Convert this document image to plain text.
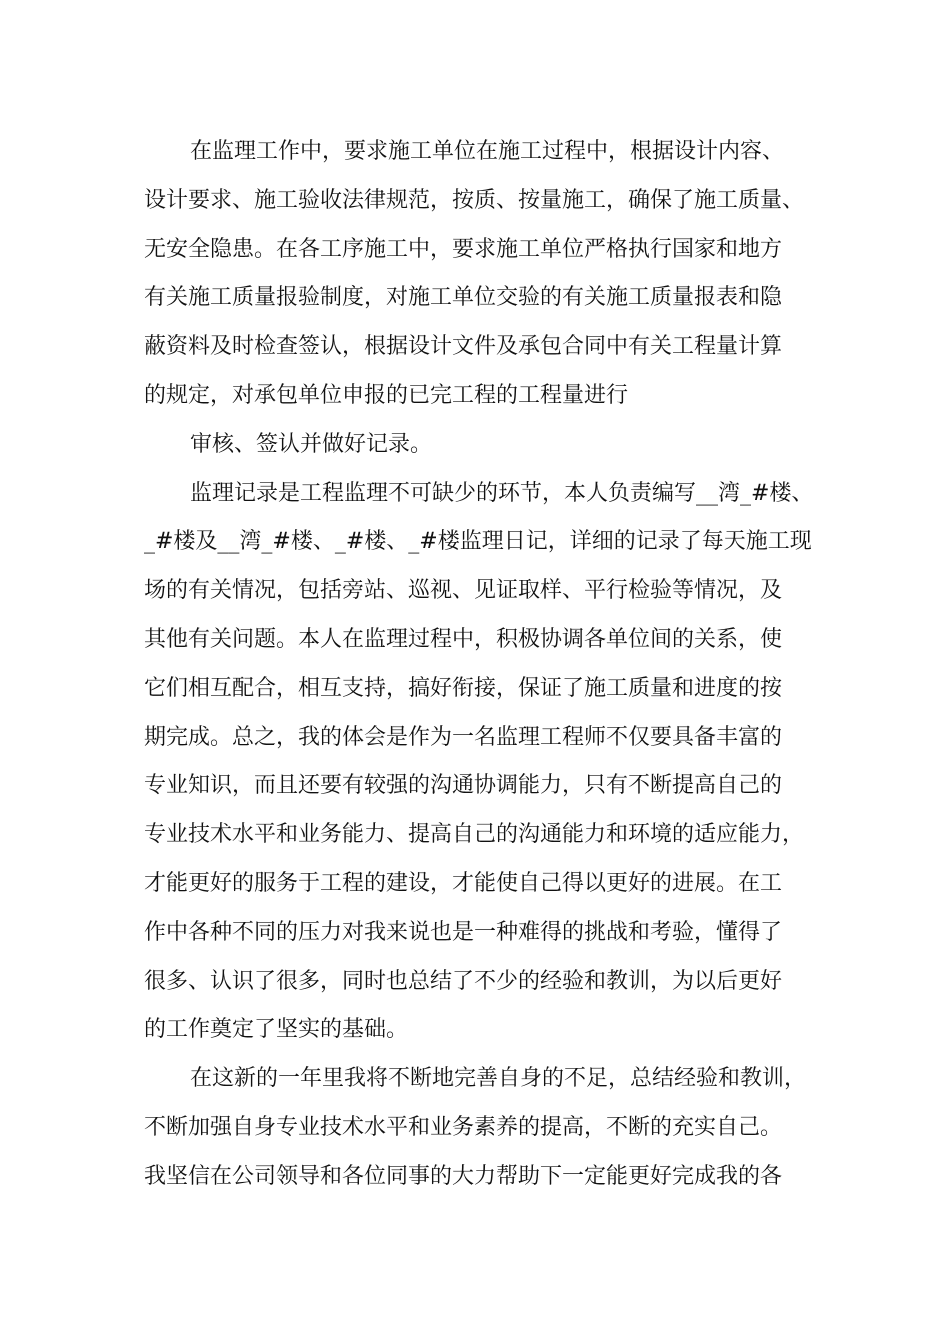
在监理工作中，要求施工单位在施工过程中，根据设计内容、
设计要求、施工验收法律规范，按质、按量施工，确保了施工质量、
无安全隐患。在各工序施工中，要求施工单位严格执行国家和地方
有关施工质量报验制度，对施工单位交验的有关施工质量报表和隐
蔽资料及时检查签认，根据设计文件及承包合同中有关工程量计算
的规定，对承包单位申报的已完工程的工程量进行

审核、签认并做好记录。

监理记录是工程监理不可缺少的环节，本人负责编写__湾_#楼、
_#楼及__湾_#楼、_#楼、_#楼监理日记，详细的记录了每天施工现
场的有关情况，包括旁站、巡视、见证取样、平行检验等情况，及
其他有关问题。本人在监理过程中，积极协调各单位间的关系，使
它们相互配合，相互支持，搞好衔接，保证了施工质量和进度的按
期完成。总之，我的体会是作为一名监理工程师不仅要具备丰富的
专业知识，而且还要有较强的沟通协调能力，只有不断提高自己的
专业技术水平和业务能力、提高自己的沟通能力和环境的适应能力，
才能更好的服务于工程的建设，才能使自己得以更好的进展。在工
作中各种不同的压力对我来说也是一种难得的挑战和考验，懂得了
很多、认识了很多，同时也总结了不少的经验和教训，为以后更好
的工作奠定了坚实的基础。

在这新的一年里我将不断地完善自身的不足，总结经验和教训，
不断加强自身专业技术水平和业务素养的提高，不断的充实自己。
我坚信在公司领导和各位同事的大力帮助下一定能更好完成我的各
